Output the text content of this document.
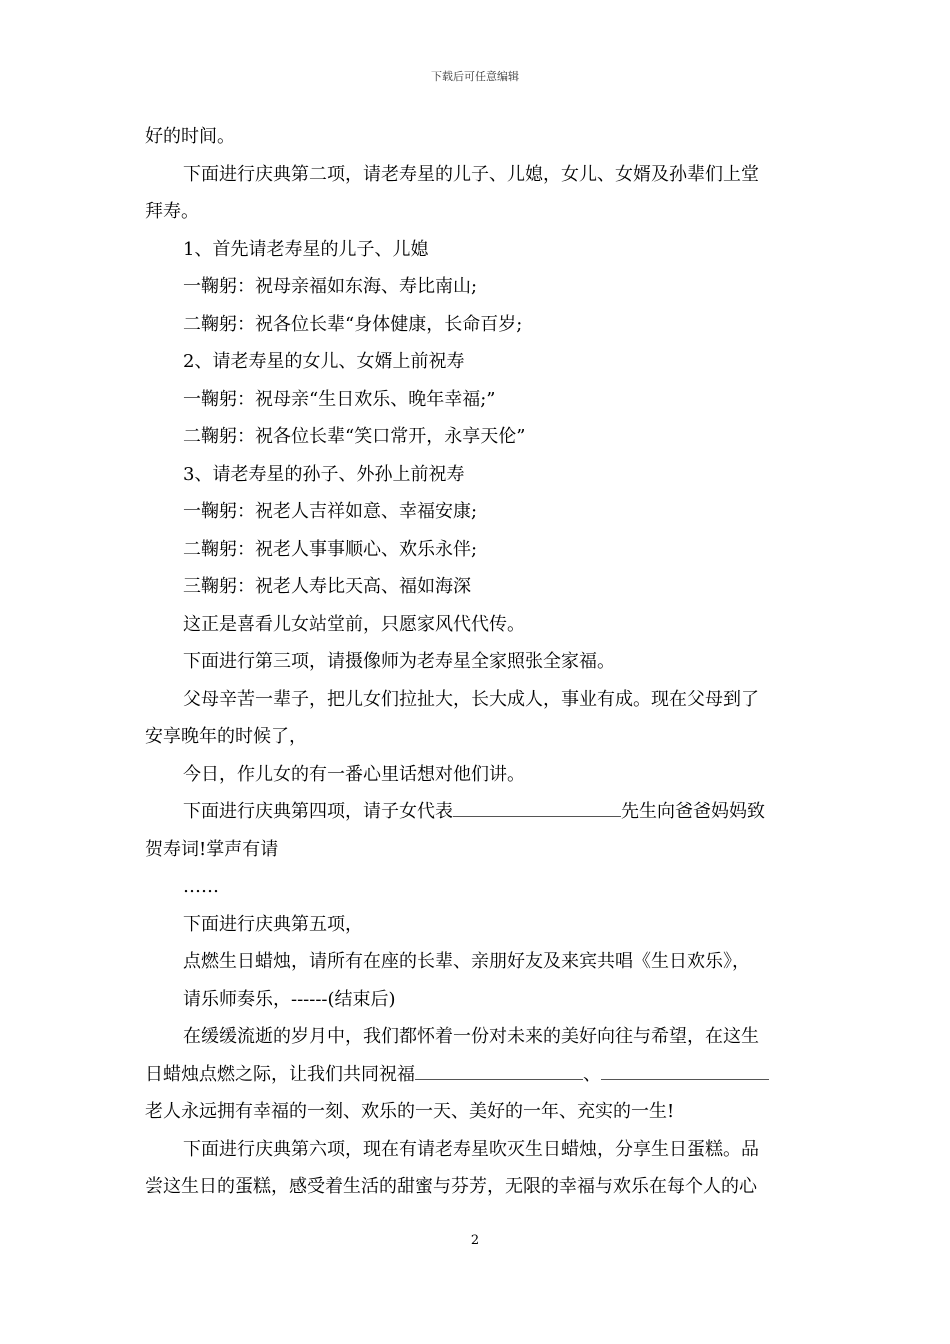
下载后可任意编辑
好的时间。
下面进行庆典第二项，请老寿星的儿子、儿媳，女儿、女婿及孙辈们上堂
拜寿。
1、首先请老寿星的儿子、儿媳
一鞠躬：祝母亲福如东海、寿比南山;
二鞠躬：祝各位长辈“身体健康，长命百岁;
2、请老寿星的女儿、女婿上前祝寿
一鞠躬：祝母亲“生日欢乐、晚年幸福;”
二鞠躬：祝各位长辈“笑口常开，永享天伦”
3、请老寿星的孙子、外孙上前祝寿
一鞠躬：祝老人吉祥如意、幸福安康;
二鞠躬：祝老人事事顺心、欢乐永伴;
三鞠躬：祝老人寿比天高、福如海深
这正是喜看儿女站堂前，只愿家风代代传。
下面进行第三项，请摄像师为老寿星全家照张全家福。
父母辛苦一辈子，把儿女们拉扯大，长大成人，事业有成。现在父母到了
安享晚年的时候了，
今日，作儿女的有一番心里话想对他们讲。
下面进行庆典第四项，请子女代表	先生向爸爸妈妈致
贺寿词!掌声有请
……
下面进行庆典第五项，
点燃生日蜡烛，请所有在座的长辈、亲朋好友及来宾共唱《生日欢乐》，
请乐师奏乐，------(结束后)
在缓缓流逝的岁月中，我们都怀着一份对未来的美好向往与希望，在这生
日蜡烛点燃之际，让我们共同祝福	、
老人永远拥有幸福的一刻、欢乐的一天、美好的一年、充实的一生!
下面进行庆典第六项，现在有请老寿星吹灭生日蜡烛，分享生日蛋糕。品
尝这生日的蛋糕，感受着生活的甜蜜与芬芳，无限的幸福与欢乐在每个人的心
2
